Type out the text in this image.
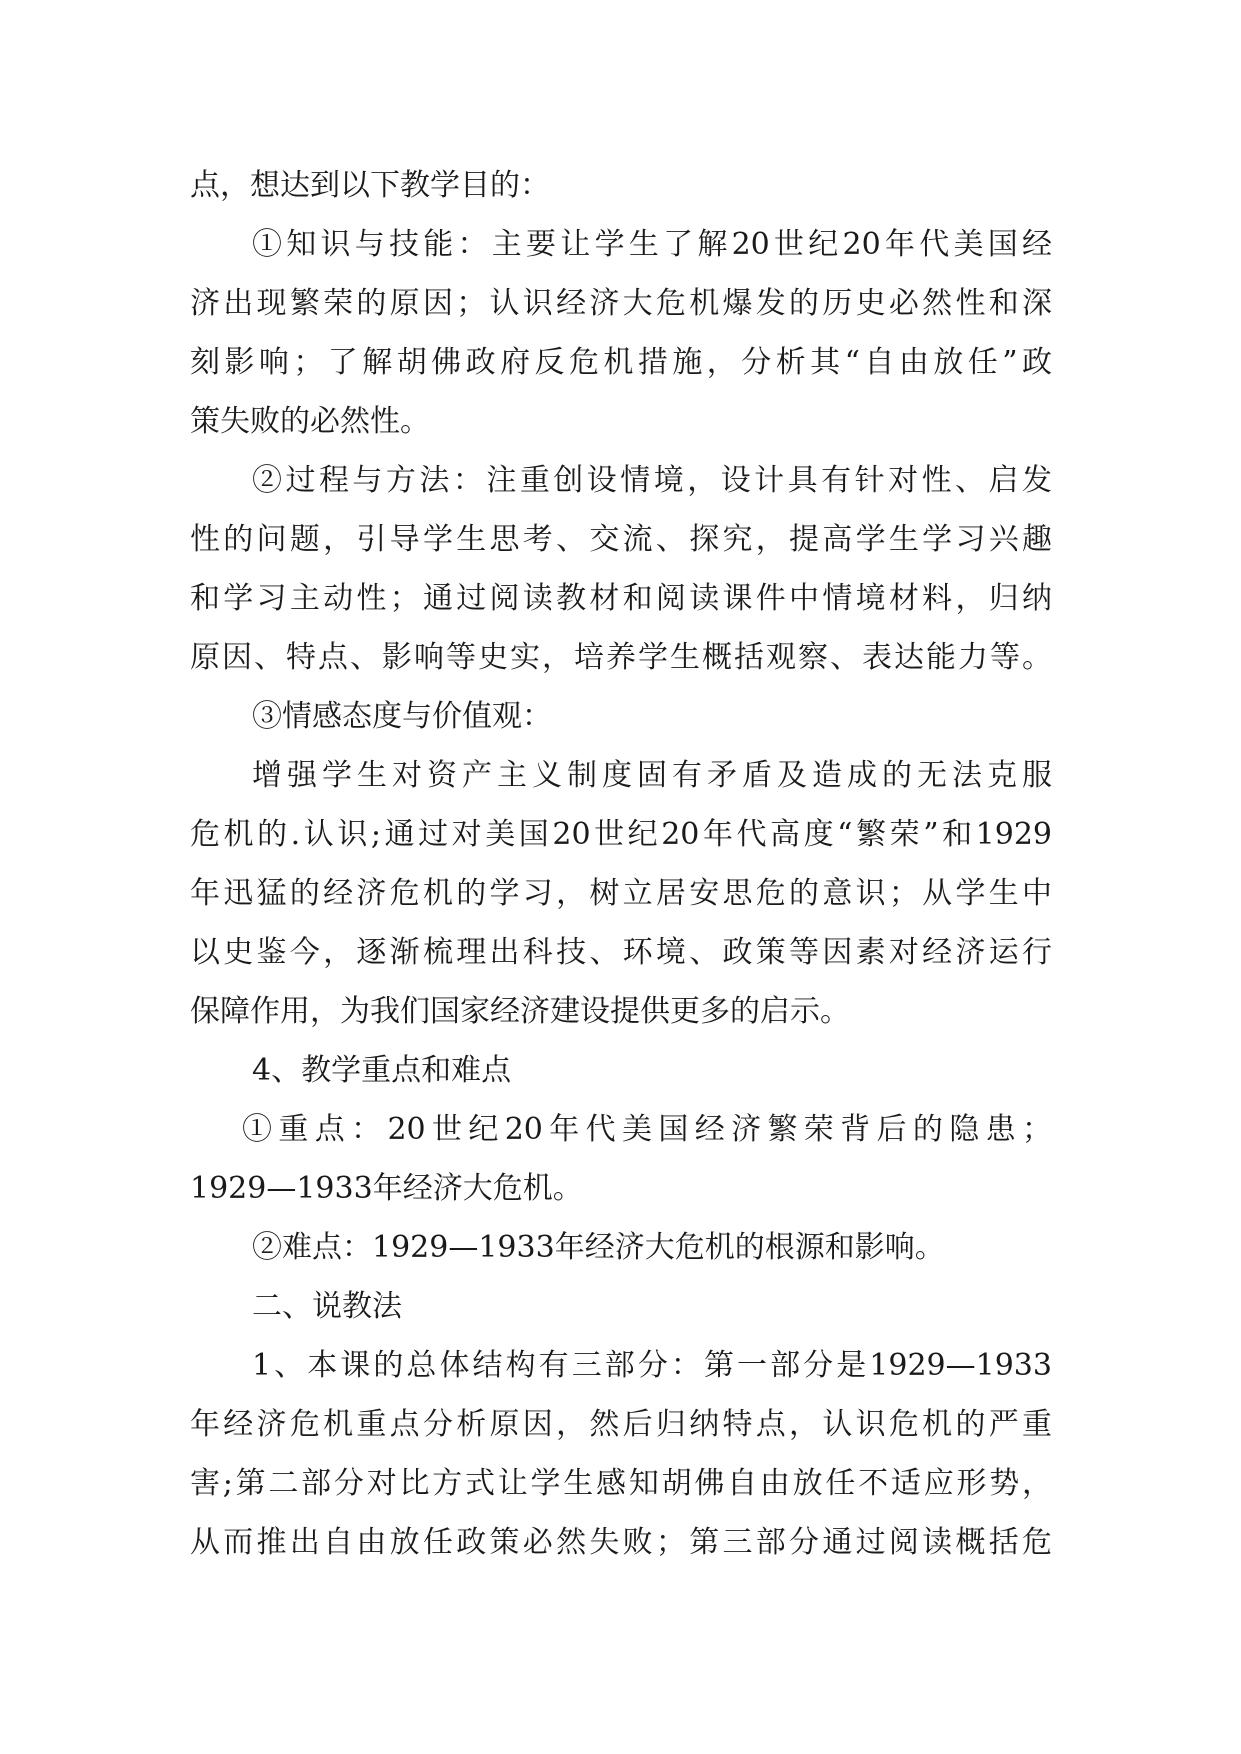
点，想达到以下教学目的：
①知识与技能：主要让学生了解20世纪20年代美国经
济出现繁荣的原因；认识经济大危机爆发的历史必然性和深
刻影响；了解胡佛政府反危机措施，分析其“自由放任”政
策失败的必然性。
②过程与方法：注重创设情境，设计具有针对性、启发
性的问题，引导学生思考、交流、探究，提高学生学习兴趣
和学习主动性；通过阅读教材和阅读课件中情境材料，归纳
原因、特点、影响等史实，培养学生概括观察、表达能力等。
③情感态度与价值观：
增强学生对资产主义制度固有矛盾及造成的无法克服
危机的.认识;通过对美国20世纪20年代高度“繁荣”和1929
年迅猛的经济危机的学习，树立居安思危的意识；从学生中
以史鉴今，逐渐梳理出科技、环境、政策等因素对经济运行
保障作用，为我们国家经济建设提供更多的启示。
4、教学重点和难点
①重点：20世纪20年代美国经济繁荣背后的隐患；
1929—1933年经济大危机。
②难点：1929—1933年经济大危机的根源和影响。
二、说教法
1、本课的总体结构有三部分：第一部分是1929—1933
年经济危机重点分析原因，然后归纳特点，认识危机的严重
害;第二部分对比方式让学生感知胡佛自由放任不适应形势，
从而推出自由放任政策必然失败；第三部分通过阅读概括危
